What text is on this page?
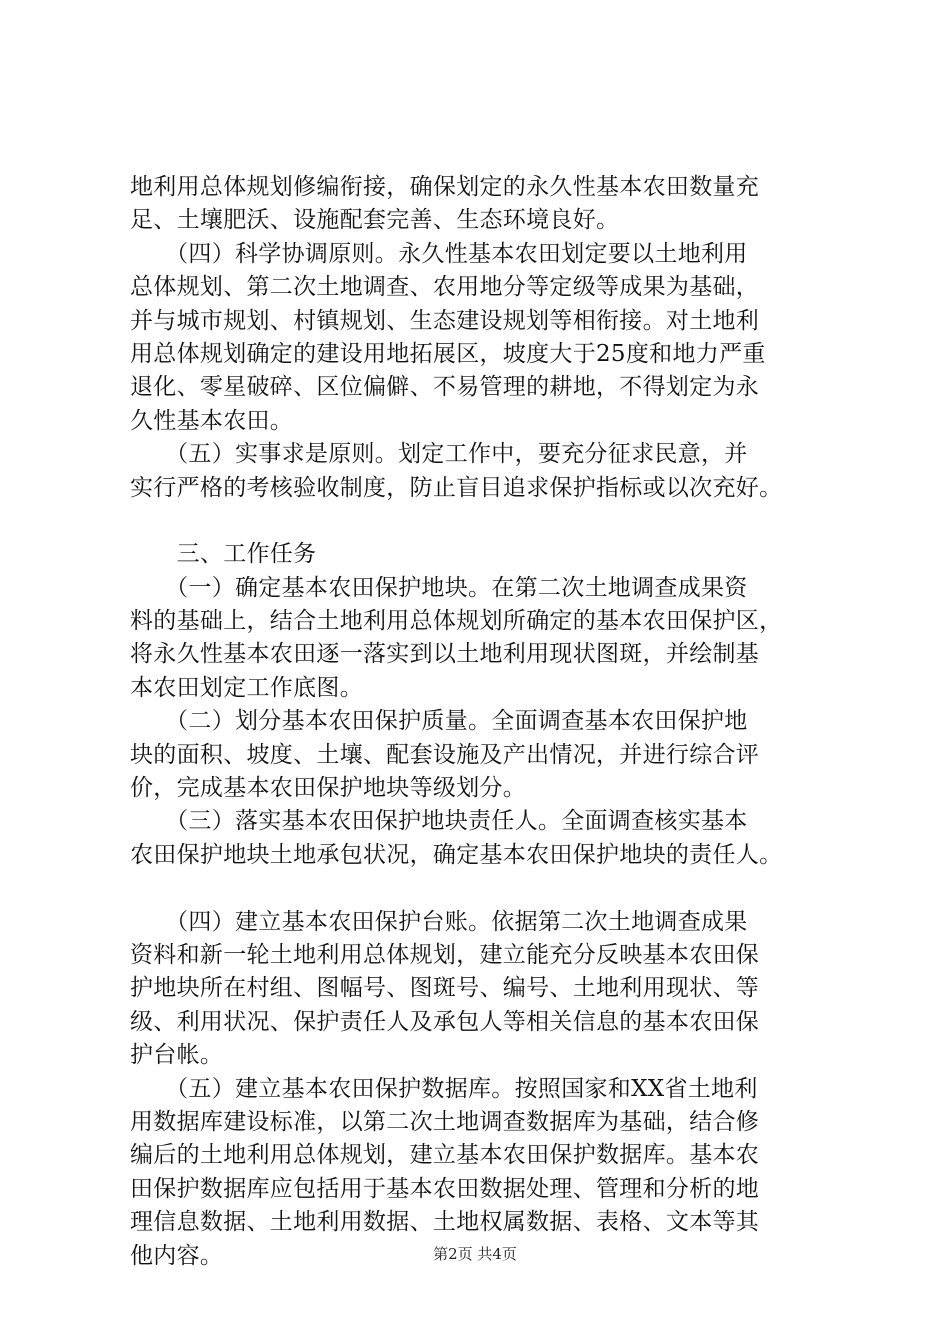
地利用总体规划修编衔接，确保划定的永久性基本农田数量充
足、土壤肥沃、设施配套完善、生态环境良好。
　　（四）科学协调原则。永久性基本农田划定要以土地利用
总体规划、第二次土地调查、农用地分等定级等成果为基础，
并与城市规划、村镇规划、生态建设规划等相衔接。对土地利
用总体规划确定的建设用地拓展区，坡度大于25度和地力严重
退化、零星破碎、区位偏僻、不易管理的耕地，不得划定为永
久性基本农田。
　　（五）实事求是原则。划定工作中，要充分征求民意，并
实行严格的考核验收制度，防止盲目追求保护指标或以次充好。
　　三、工作任务
　　（一）确定基本农田保护地块。在第二次土地调查成果资
料的基础上，结合土地利用总体规划所确定的基本农田保护区，
将永久性基本农田逐一落实到以土地利用现状图斑，并绘制基
本农田划定工作底图。
　　（二）划分基本农田保护质量。全面调查基本农田保护地
块的面积、坡度、土壤、配套设施及产出情况，并进行综合评
价，完成基本农田保护地块等级划分。
　　（三）落实基本农田保护地块责任人。全面调查核实基本
农田保护地块土地承包状况，确定基本农田保护地块的责任人。
　　（四）建立基本农田保护台账。依据第二次土地调查成果
资料和新一轮土地利用总体规划，建立能充分反映基本农田保
护地块所在村组、图幅号、图斑号、编号、土地利用现状、等
级、利用状况、保护责任人及承包人等相关信息的基本农田保
护台帐。
　　（五）建立基本农田保护数据库。按照国家和XX省土地利
用数据库建设标准，以第二次土地调查数据库为基础，结合修
编后的土地利用总体规划，建立基本农田保护数据库。基本农
田保护数据库应包括用于基本农田数据处理、管理和分析的地
理信息数据、土地利用数据、土地权属数据、表格、文本等其
他内容。	第2页 共4页
